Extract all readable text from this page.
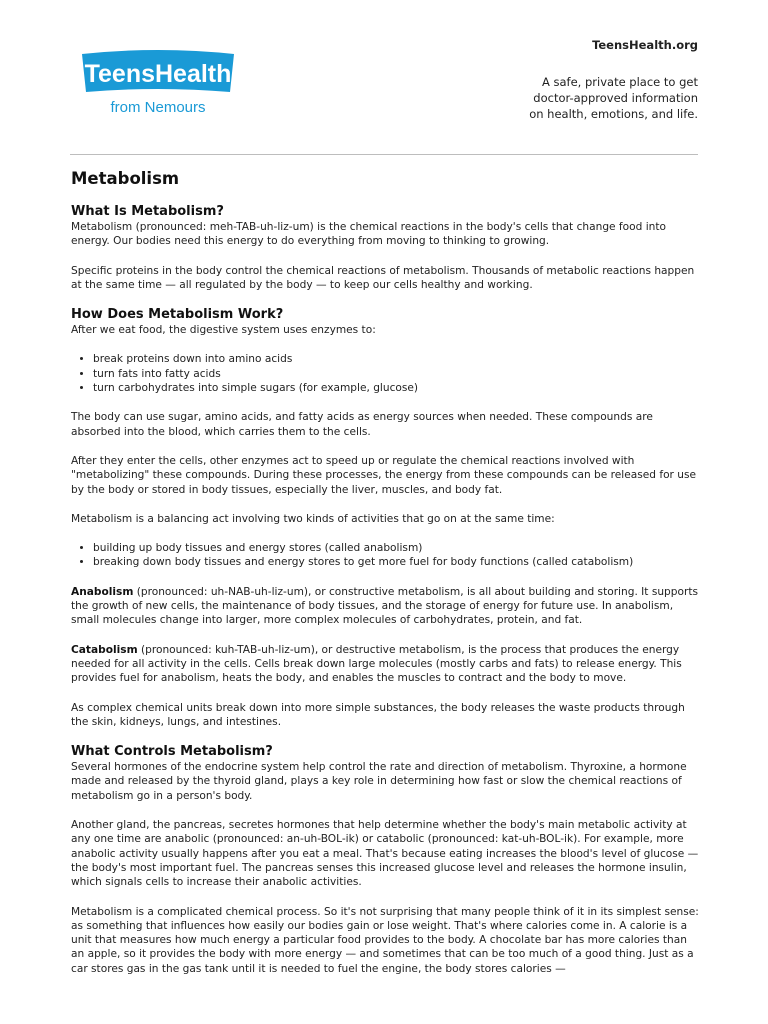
TeensHealth
from Nemours
TeensHealth.org
A safe, private place to get
doctor-approved information
on health, emotions, and life.
Metabolism
What Is Metabolism?

Metabolism (pronounced: meh-TAB-uh-liz-um) is the chemical reactions in the body's cells that change food into energy. Our bodies need this energy to do everything from moving to thinking to growing.

Specific proteins in the body control the chemical reactions of metabolism. Thousands of metabolic reactions happen at the same time — all regulated by the body — to keep our cells healthy and working.

How Does Metabolism Work?

After we eat food, the digestive system uses enzymes to:

• break proteins down into amino acids
• turn fats into fatty acids
• turn carbohydrates into simple sugars (for example, glucose)

The body can use sugar, amino acids, and fatty acids as energy sources when needed. These compounds are absorbed into the blood, which carries them to the cells.

After they enter the cells, other enzymes act to speed up or regulate the chemical reactions involved with "metabolizing" these compounds. During these processes, the energy from these compounds can be released for use by the body or stored in body tissues, especially the liver, muscles, and body fat.

Metabolism is a balancing act involving two kinds of activities that go on at the same time:

• building up body tissues and energy stores (called anabolism)
• breaking down body tissues and energy stores to get more fuel for body functions (called catabolism)

Anabolism (pronounced: uh-NAB-uh-liz-um), or constructive metabolism, is all about building and storing. It supports the growth of new cells, the maintenance of body tissues, and the storage of energy for future use. In anabolism, small molecules change into larger, more complex molecules of carbohydrates, protein, and fat.

Catabolism (pronounced: kuh-TAB-uh-liz-um), or destructive metabolism, is the process that produces the energy needed for all activity in the cells. Cells break down large molecules (mostly carbs and fats) to release energy. This provides fuel for anabolism, heats the body, and enables the muscles to contract and the body to move.

As complex chemical units break down into more simple substances, the body releases the waste products through the skin, kidneys, lungs, and intestines.

What Controls Metabolism?

Several hormones of the endocrine system help control the rate and direction of metabolism. Thyroxine, a hormone made and released by the thyroid gland, plays a key role in determining how fast or slow the chemical reactions of metabolism go in a person's body.

Another gland, the pancreas, secretes hormones that help determine whether the body's main metabolic activity at any one time are anabolic (pronounced: an-uh-BOL-ik) or catabolic (pronounced: kat-uh-BOL-ik). For example, more anabolic activity usually happens after you eat a meal. That's because eating increases the blood's level of glucose — the body's most important fuel. The pancreas senses this increased glucose level and releases the hormone insulin, which signals cells to increase their anabolic activities.

Metabolism is a complicated chemical process. So it's not surprising that many people think of it in its simplest sense: as something that influences how easily our bodies gain or lose weight. That's where calories come in. A calorie is a unit that measures how much energy a particular food provides to the body. A chocolate bar has more calories than an apple, so it provides the body with more energy — and sometimes that can be too much of a good thing. Just as a car stores gas in the gas tank until it is needed to fuel the engine, the body stores calories —
